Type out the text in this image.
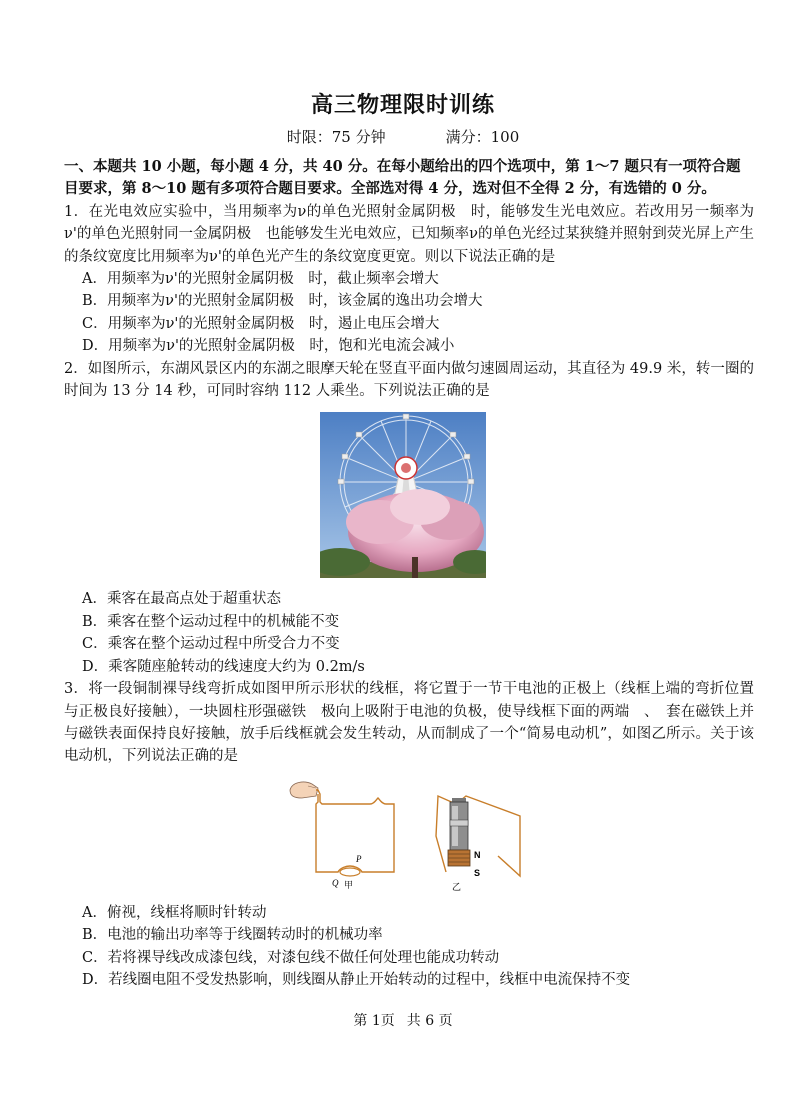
高三物理限时训练
时限：75 分钟	满分：100

一、本题共 10 小题，每小题 4 分，共 40 分。在每小题给出的四个选项中，第 1～7 题只有一项符合题目要求，第 8～10 题有多项符合题目要求。全部选对得 4 分，选对但不全得 2 分，有选错的 0 分。

1．在光电效应实验中，当用频率为ν的单色光照射金属阴极　时，能够发生光电效应。若改用另一频率为ν'的单色光照射同一金属阴极　也能够发生光电效应，已知频率ν的单色光经过某狭缝并照射到荧光屏上产生的条纹宽度比用频率为ν'的单色光产生的条纹宽度更宽。则以下说法正确的是

A．用频率为ν'的光照射金属阴极　时，截止频率会增大

B．用频率为ν'的光照射金属阴极　时，该金属的逸出功会增大

C．用频率为ν'的光照射金属阴极　时，遏止电压会增大

D．用频率为ν'的光照射金属阴极　时，饱和光电流会减小

2．如图所示，东湖风景区内的东湖之眼摩天轮在竖直平面内做匀速圆周运动，其直径为 49.9 米，转一圈的时间为 13 分 14 秒，可同时容纳 112 人乘坐。下列说法正确的是

A．乘客在最高点处于超重状态

B．乘客在整个运动过程中的机械能不变

C．乘客在整个运动过程中所受合力不变

D．乘客随座舱转动的线速度大约为 0.2m/s

3．将一段铜制裸导线弯折成如图甲所示形状的线框，将它置于一节干电池的正极上（线框上端的弯折位置与正极良好接触），一块圆柱形强磁铁　极向上吸附于电池的负极，使导线框下面的两端　、　套在磁铁上并与磁铁表面保持良好接触，放手后线框就会发生转动，从而制成了一个“简易电动机”，如图乙所示。关于该电动机，下列说法正确的是

P
Q 甲
N
S
乙

A．俯视，线框将顺时针转动

B．电池的输出功率等于线圈转动时的机械功率

C．若将裸导线改成漆包线，对漆包线不做任何处理也能成功转动

D．若线圈电阻不受发热影响，则线圈从静止开始转动的过程中，线框中电流保持不变

第 1页 共 6 页
